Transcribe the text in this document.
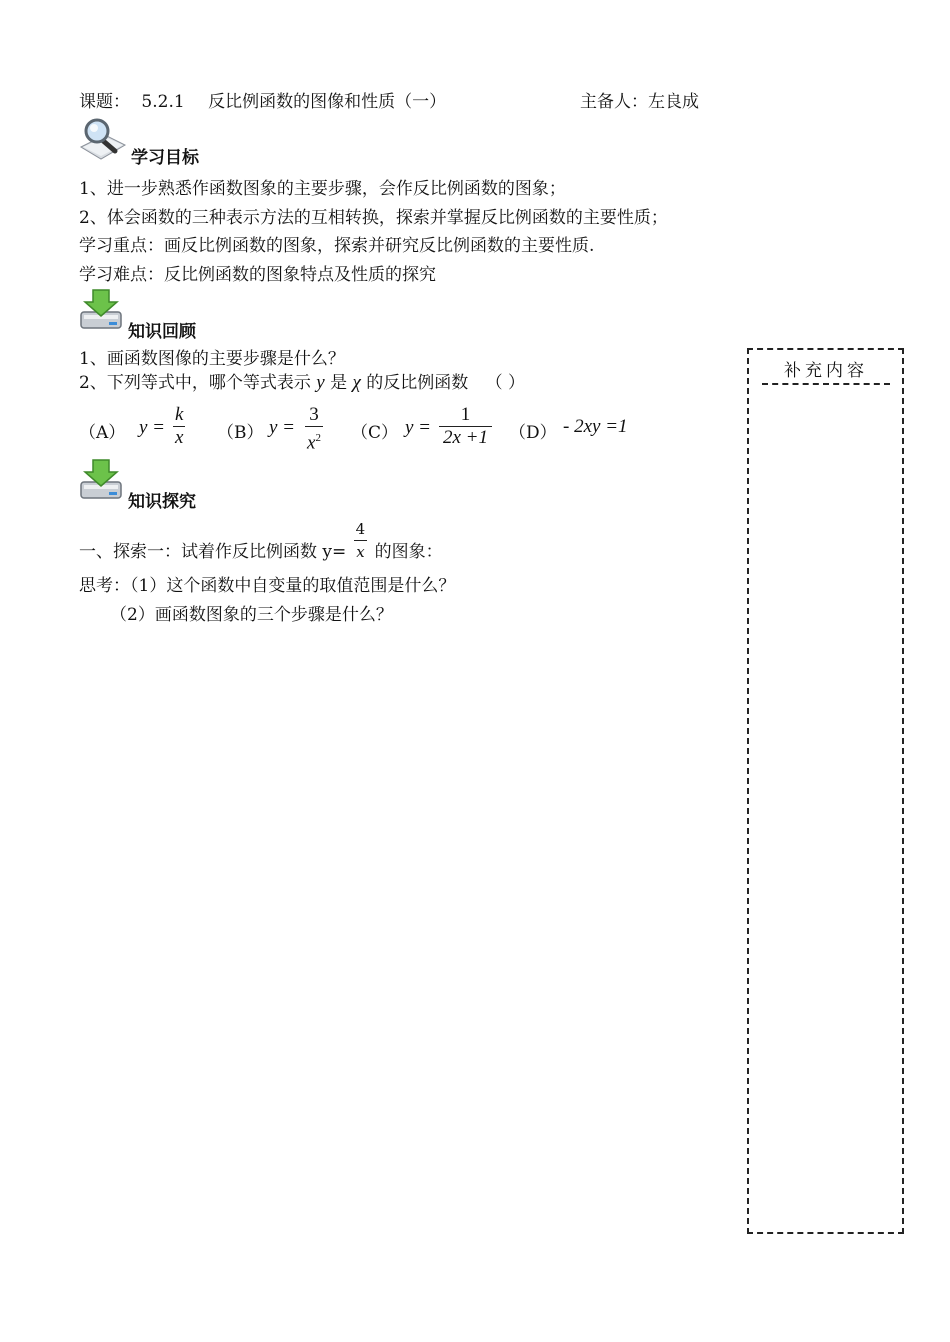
课题： 5.2.1 反比例函数的图像和性质（一）	主备人：左良成
学习目标
1、进一步熟悉作函数图象的主要步骤，会作反比例函数的图象；
2、体会函数的三种表示方法的互相转换，探索并掌握反比例函数的主要性质；
学习重点：画反比例函数的图象，探索并研究反比例函数的主要性质.
学习难点：反比例函数的图象特点及性质的探究
知识回顾
1、画函数图像的主要步骤是什么？
2、下列等式中，哪个等式表示 y 是 χ 的反比例函数 （ ）
（A） $y = \frac{k}{x} (B) y = \frac{3}{x^2} (C) y = \frac{1}{2x +1} (D) - 2xy =1$
知识探究
一、探索一：试着作反比例函数 $y= \frac{4}{x}$ 的图象：
思考：（1）这个函数中自变量的取值范围是什么？
（2）画函数图象的三个步骤是什么？
补充内容
